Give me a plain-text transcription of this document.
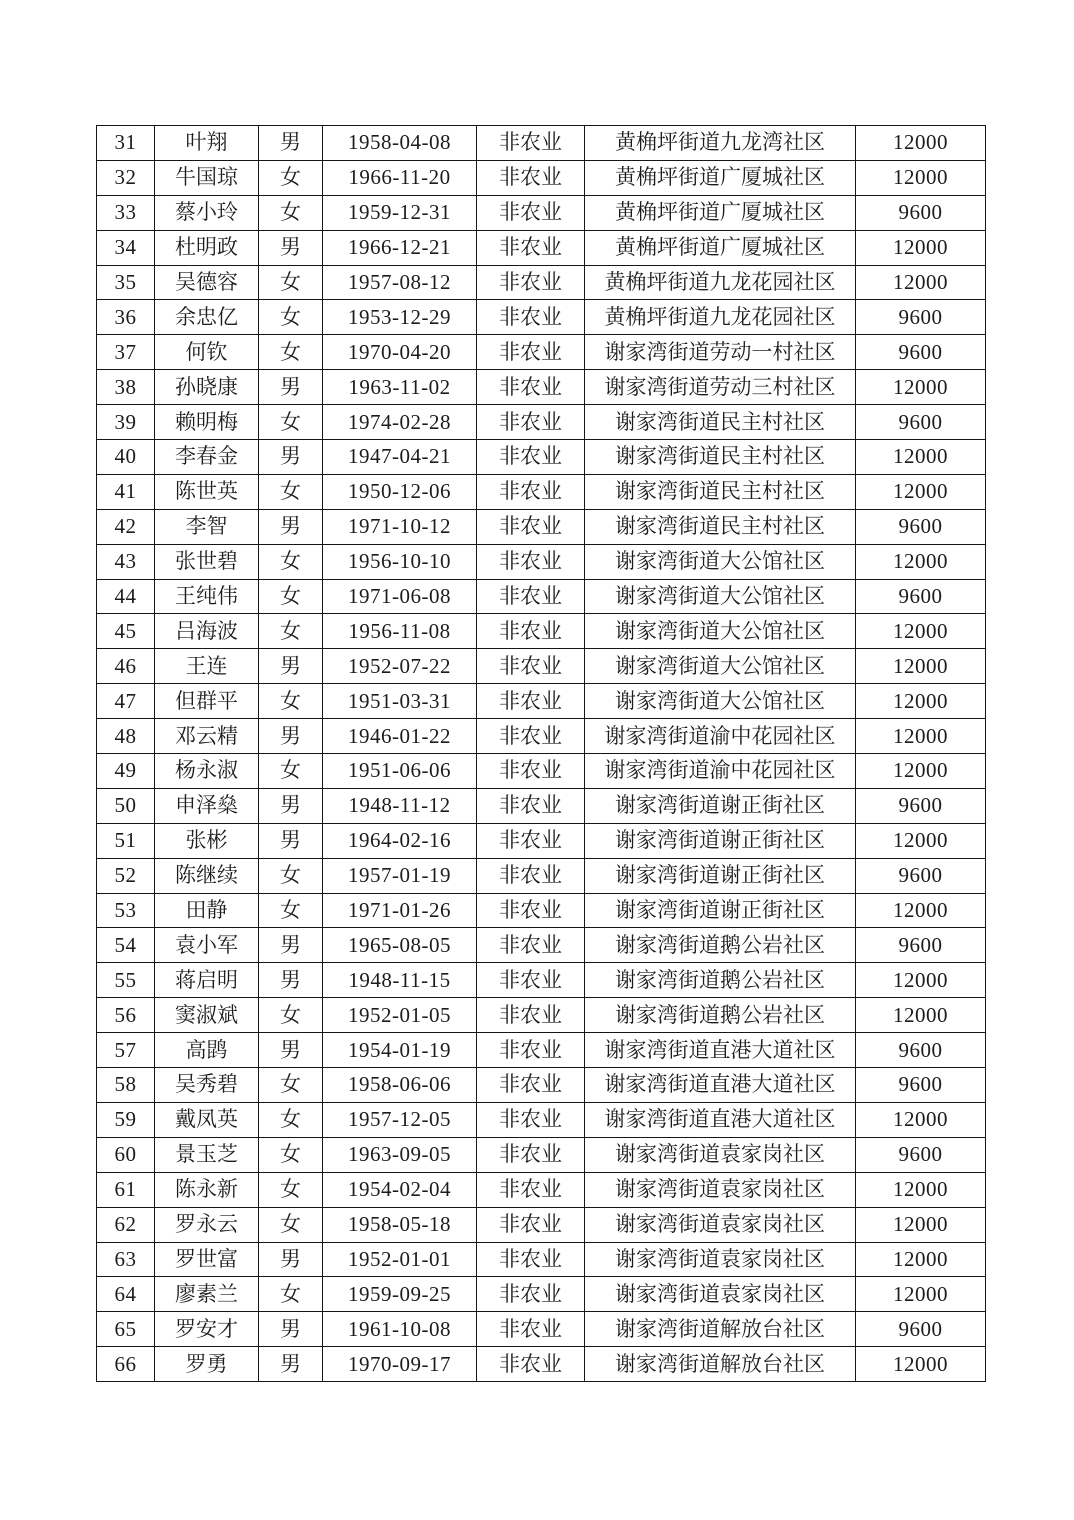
31	叶翔	男	1958-04-08	非农业	黄桷坪街道九龙湾社区	12000
32	牛国琼	女	1966-11-20	非农业	黄桷坪街道广厦城社区	12000
33	蔡小玲	女	1959-12-31	非农业	黄桷坪街道广厦城社区	9600
34	杜明政	男	1966-12-21	非农业	黄桷坪街道广厦城社区	12000
35	吴德容	女	1957-08-12	非农业	黄桷坪街道九龙花园社区	12000
36	余忠亿	女	1953-12-29	非农业	黄桷坪街道九龙花园社区	9600
37	何钦	女	1970-04-20	非农业	谢家湾街道劳动一村社区	9600
38	孙晓康	男	1963-11-02	非农业	谢家湾街道劳动三村社区	12000
39	赖明梅	女	1974-02-28	非农业	谢家湾街道民主村社区	9600
40	李春金	男	1947-04-21	非农业	谢家湾街道民主村社区	12000
41	陈世英	女	1950-12-06	非农业	谢家湾街道民主村社区	12000
42	李智	男	1971-10-12	非农业	谢家湾街道民主村社区	9600
43	张世碧	女	1956-10-10	非农业	谢家湾街道大公馆社区	12000
44	王纯伟	女	1971-06-08	非农业	谢家湾街道大公馆社区	9600
45	吕海波	女	1956-11-08	非农业	谢家湾街道大公馆社区	12000
46	王连	男	1952-07-22	非农业	谢家湾街道大公馆社区	12000
47	但群平	女	1951-03-31	非农业	谢家湾街道大公馆社区	12000
48	邓云精	男	1946-01-22	非农业	谢家湾街道渝中花园社区	12000
49	杨永淑	女	1951-06-06	非农业	谢家湾街道渝中花园社区	12000
50	申泽燊	男	1948-11-12	非农业	谢家湾街道谢正街社区	9600
51	张彬	男	1964-02-16	非农业	谢家湾街道谢正街社区	12000
52	陈继续	女	1957-01-19	非农业	谢家湾街道谢正街社区	9600
53	田静	女	1971-01-26	非农业	谢家湾街道谢正街社区	12000
54	袁小军	男	1965-08-05	非农业	谢家湾街道鹅公岩社区	9600
55	蒋启明	男	1948-11-15	非农业	谢家湾街道鹅公岩社区	12000
56	窦淑斌	女	1952-01-05	非农业	谢家湾街道鹅公岩社区	12000
57	高鹍	男	1954-01-19	非农业	谢家湾街道直港大道社区	9600
58	吴秀碧	女	1958-06-06	非农业	谢家湾街道直港大道社区	9600
59	戴凤英	女	1957-12-05	非农业	谢家湾街道直港大道社区	12000
60	景玉芝	女	1963-09-05	非农业	谢家湾街道袁家岗社区	9600
61	陈永新	女	1954-02-04	非农业	谢家湾街道袁家岗社区	12000
62	罗永云	女	1958-05-18	非农业	谢家湾街道袁家岗社区	12000
63	罗世富	男	1952-01-01	非农业	谢家湾街道袁家岗社区	12000
64	廖素兰	女	1959-09-25	非农业	谢家湾街道袁家岗社区	12000
65	罗安才	男	1961-10-08	非农业	谢家湾街道解放台社区	9600
66	罗勇	男	1970-09-17	非农业	谢家湾街道解放台社区	12000
